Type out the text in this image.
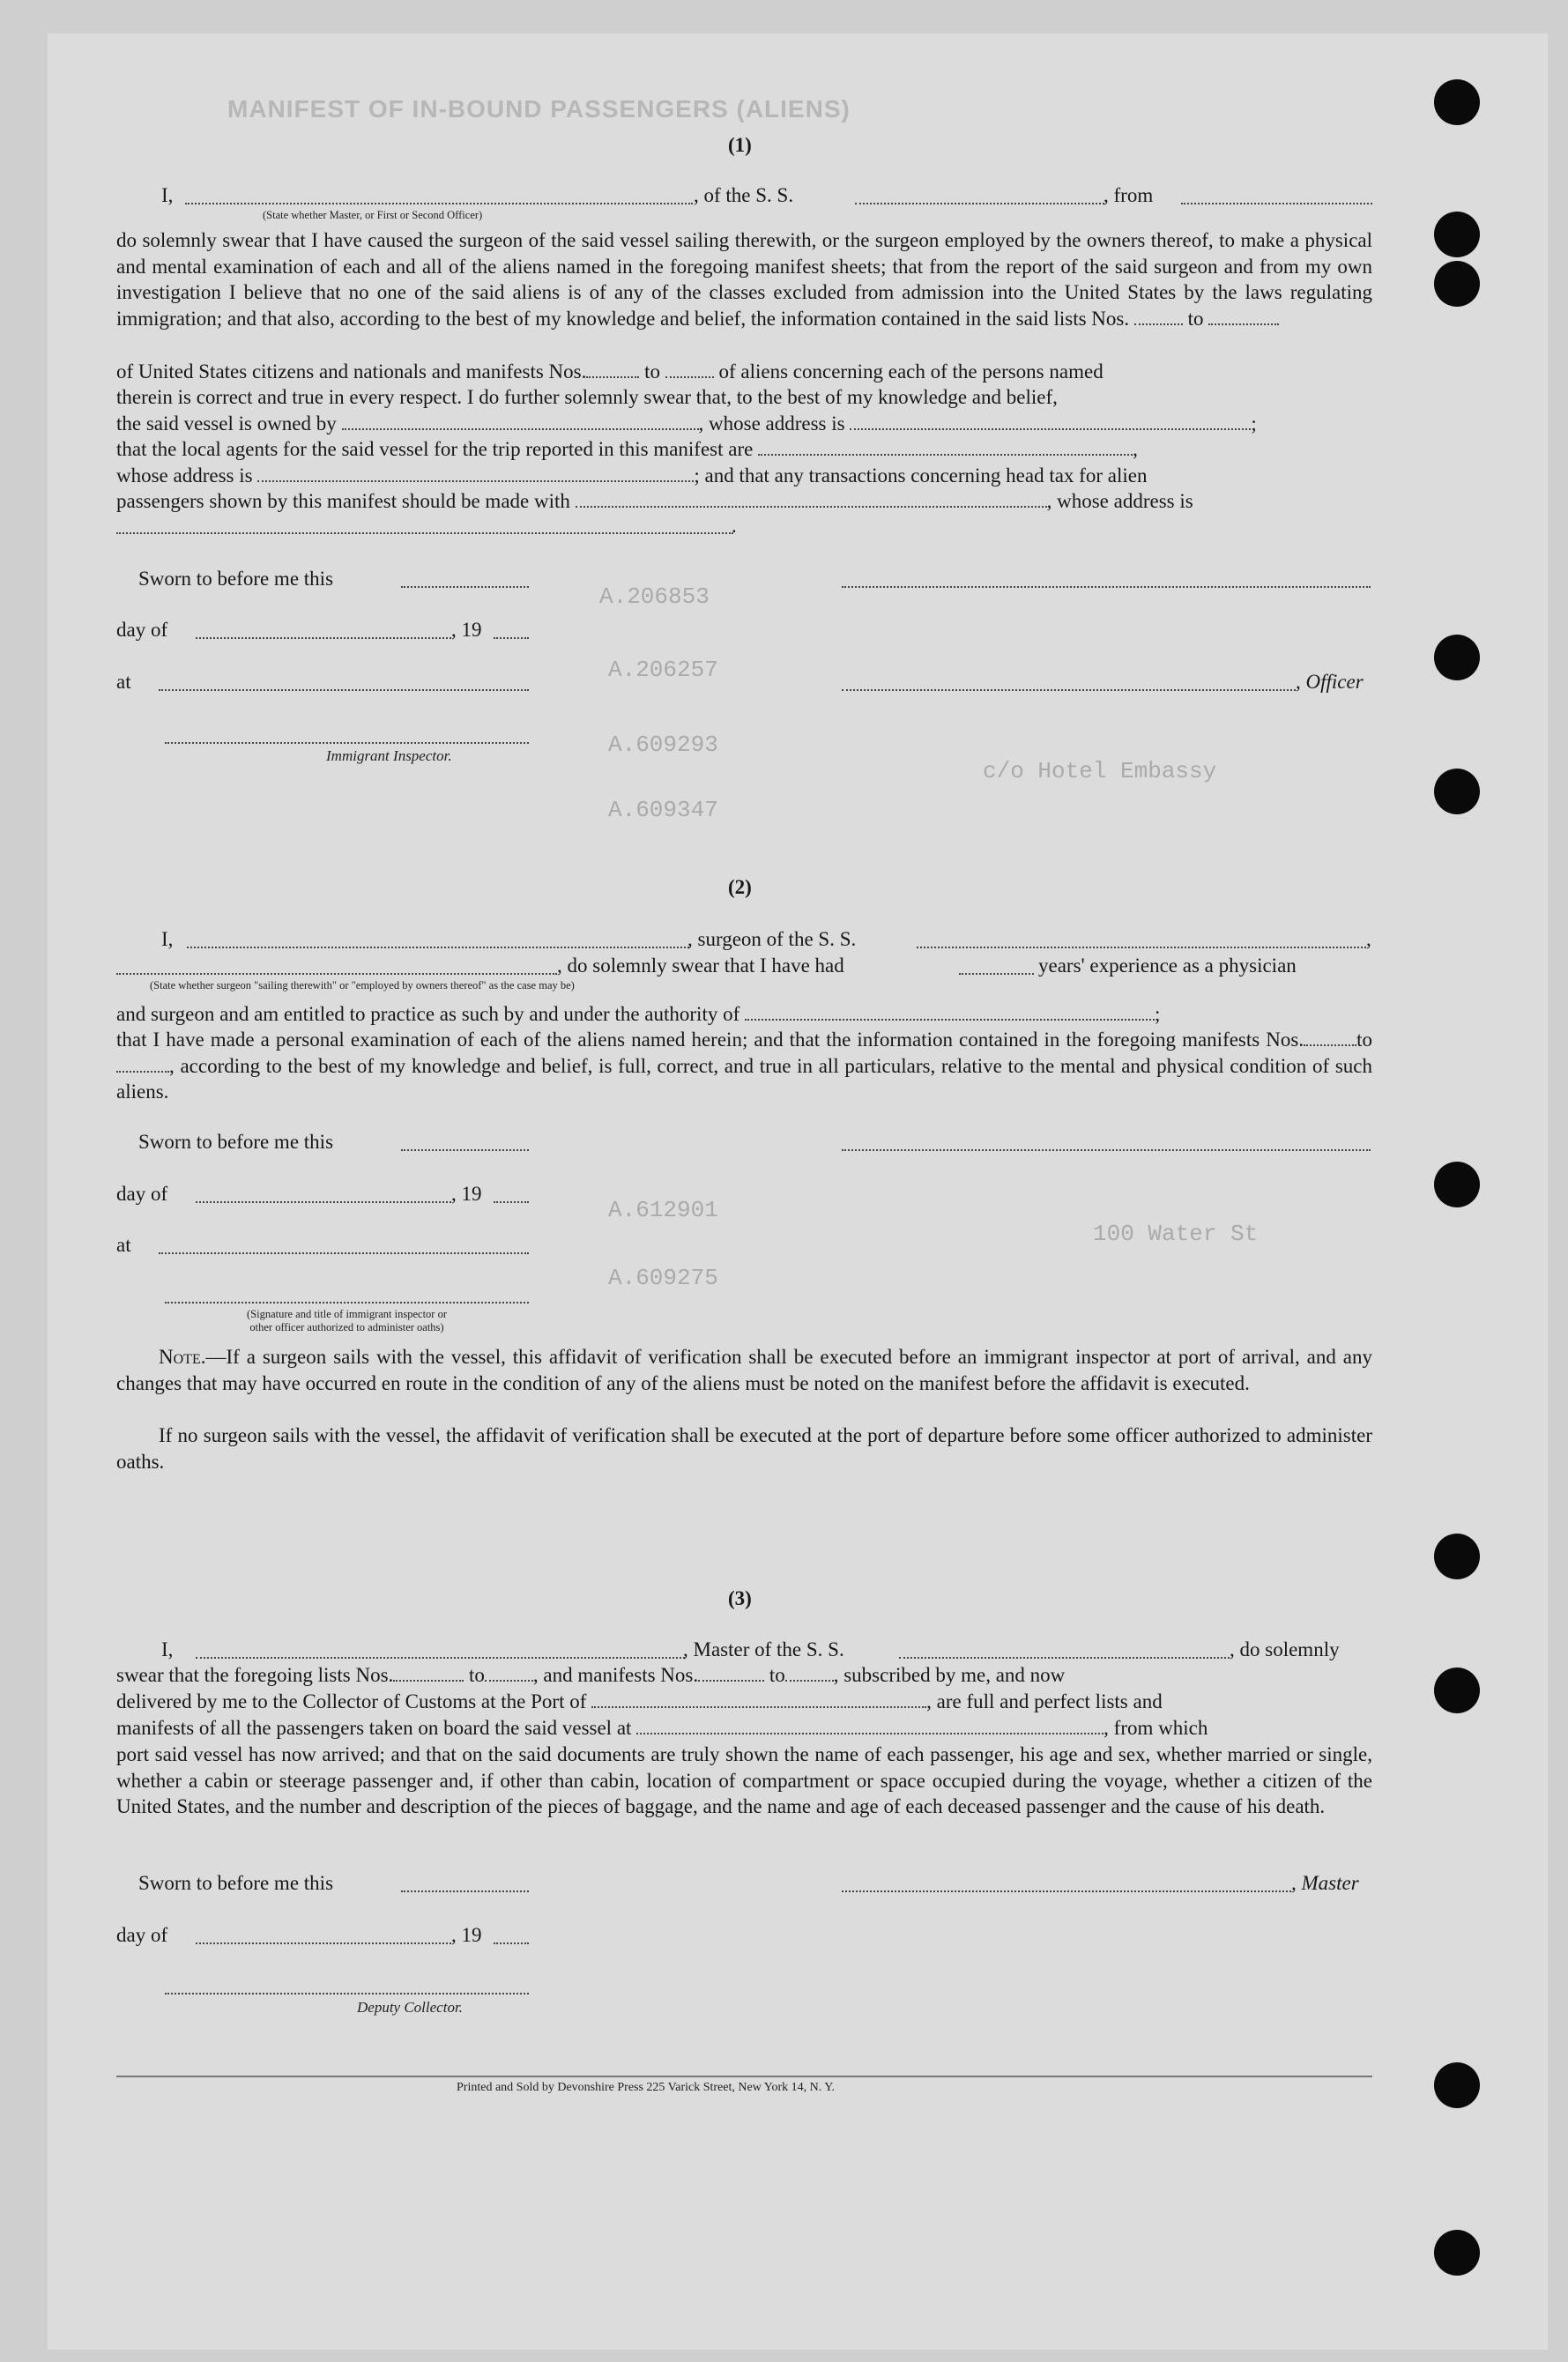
MANIFEST OF IN-BOUND PASSENGERS (ALIENS)
(1)
I,	, of the S. S.	, from
(State whether Master, or First or Second Officer)
do solemnly swear that I have caused the surgeon of the said vessel sailing therewith, or the surgeon employed by the owners thereof, to make a physical and mental examination of each and all of the aliens named in the foregoing manifest sheets; that from the report of the said surgeon and from my own investigation I believe that no one of the said aliens is of any of the classes excluded from admission into the United States by the laws regulating immigration; and that also, according to the best of my knowledge and belief, the information contained in the said lists Nos.	to
of United States citizens and nationals and manifests Nos.	to	of aliens concerning each of the persons named
therein is correct and true in every respect. I do further solemnly swear that, to the best of my knowledge and belief,
the said vessel is owned by	, whose address is	;
that the local agents for the said vessel for the trip reported in this manifest are	,
whose address is	; and that any transactions concerning head tax for alien
passengers shown by this manifest should be made with	, whose address is
.
Sworn to before me this
day of	, 19
at	, Officer
Immigrant Inspector.
(2)
I,	, surgeon of the S. S.	,
, do solemnly swear that I have had	years' experience as a physician
(State whether surgeon "sailing therewith" or "employed by owners thereof" as the case may be)
and surgeon and am entitled to practice as such by and under the authority of	;
that I have made a personal examination of each of the aliens named herein; and that the information contained in the foregoing manifests Nos.	to, according to the best of my knowledge and belief, is full, correct, and true in all particulars, relative to the mental and physical condition of such aliens.
Sworn to before me this
day of	, 19
at
(Signature and title of immigrant inspector or
other officer authorized to administer oaths)
Note.—If a surgeon sails with the vessel, this affidavit of verification shall be executed before an immigrant inspector at port of arrival, and any changes that may have occurred en route in the condition of any of the aliens must be noted on the manifest before the affidavit is executed.
If no surgeon sails with the vessel, the affidavit of verification shall be executed at the port of departure before some officer authorized to administer oaths.
(3)
I,	, Master of the S. S.	, do solemnly
swear that the foregoing lists Nos.	to , and manifests Nos.	to , subscribed by me, and now
delivered by me to the Collector of Customs at the Port of	, are full and perfect lists and
manifests of all the passengers taken on board the said vessel at	, from which
port said vessel has now arrived; and that on the said documents are truly shown the name of each passenger, his age and sex, whether married or single, whether a cabin or steerage passenger and, if other than cabin, location of compartment or space occupied during the voyage, whether a citizen of the United States, and the number and description of the pieces of baggage, and the name and age of each deceased passenger and the cause of his death.
Sworn to before me this	, Master
day of	, 19
Deputy Collector.
Printed and Sold by Devonshire Press 225 Varick Street, New York 14, N. Y.
A.206853
A.206257
A.609293
A.609347
A.612901
A.609275
c/o Hotel Embassy
100 Water St
